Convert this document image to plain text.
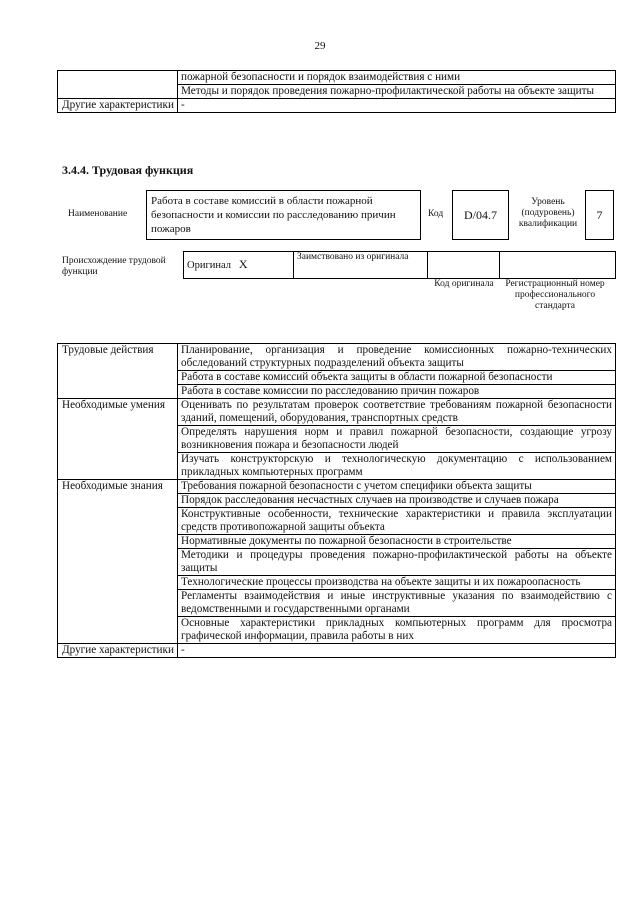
29
	пожарной безопасности и порядок взаимодействия с ними
	Методы и порядок проведения пожарно-профилактической работы на объекте защиты
Другие характеристики	-
3.4.4. Трудовая функция
Наименование
Работа в составе комиссий в области пожарной безопасности и комиссии по расследованию причин пожаров
Код	D/04.7
Уровень (подуровень) квалификации
7
Происхождение трудовой функции
Оригинал X	Заимствовано из оригинала		
Код оригинала Регистрационный номер профессионального стандарта
Трудовые действия	Планирование, организация и проведение комиссионных пожарно-технических обследований структурных подразделений объекта защиты
	Работа в составе комиссий объекта защиты в области пожарной безопасности
	Работа в составе комиссии по расследованию причин пожаров
Необходимые умения	Оценивать по результатам проверок соответствие требованиям пожарной безопасности зданий, помещений, оборудования, транспортных средств
	Определять нарушения норм и правил пожарной безопасности, создающие угрозу возникновения пожара и безопасности людей
	Изучать конструкторскую и технологическую документацию с использованием прикладных компьютерных программ
Необходимые знания	Требования пожарной безопасности с учетом специфики объекта защиты
	Порядок расследования несчастных случаев на производстве и случаев пожара
	Конструктивные особенности, технические характеристики и правила эксплуатации средств противопожарной защиты объекта
	Нормативные документы по пожарной безопасности в строительстве
	Методики и процедуры проведения пожарно-профилактической работы на объекте защиты
	Технологические процессы производства на объекте защиты и их пожароопасность
	Регламенты взаимодействия и иные инструктивные указания по взаимодействию с ведомственными и государственными органами
	Основные характеристики прикладных компьютерных программ для просмотра графической информации, правила работы в них
Другие характеристики	-
